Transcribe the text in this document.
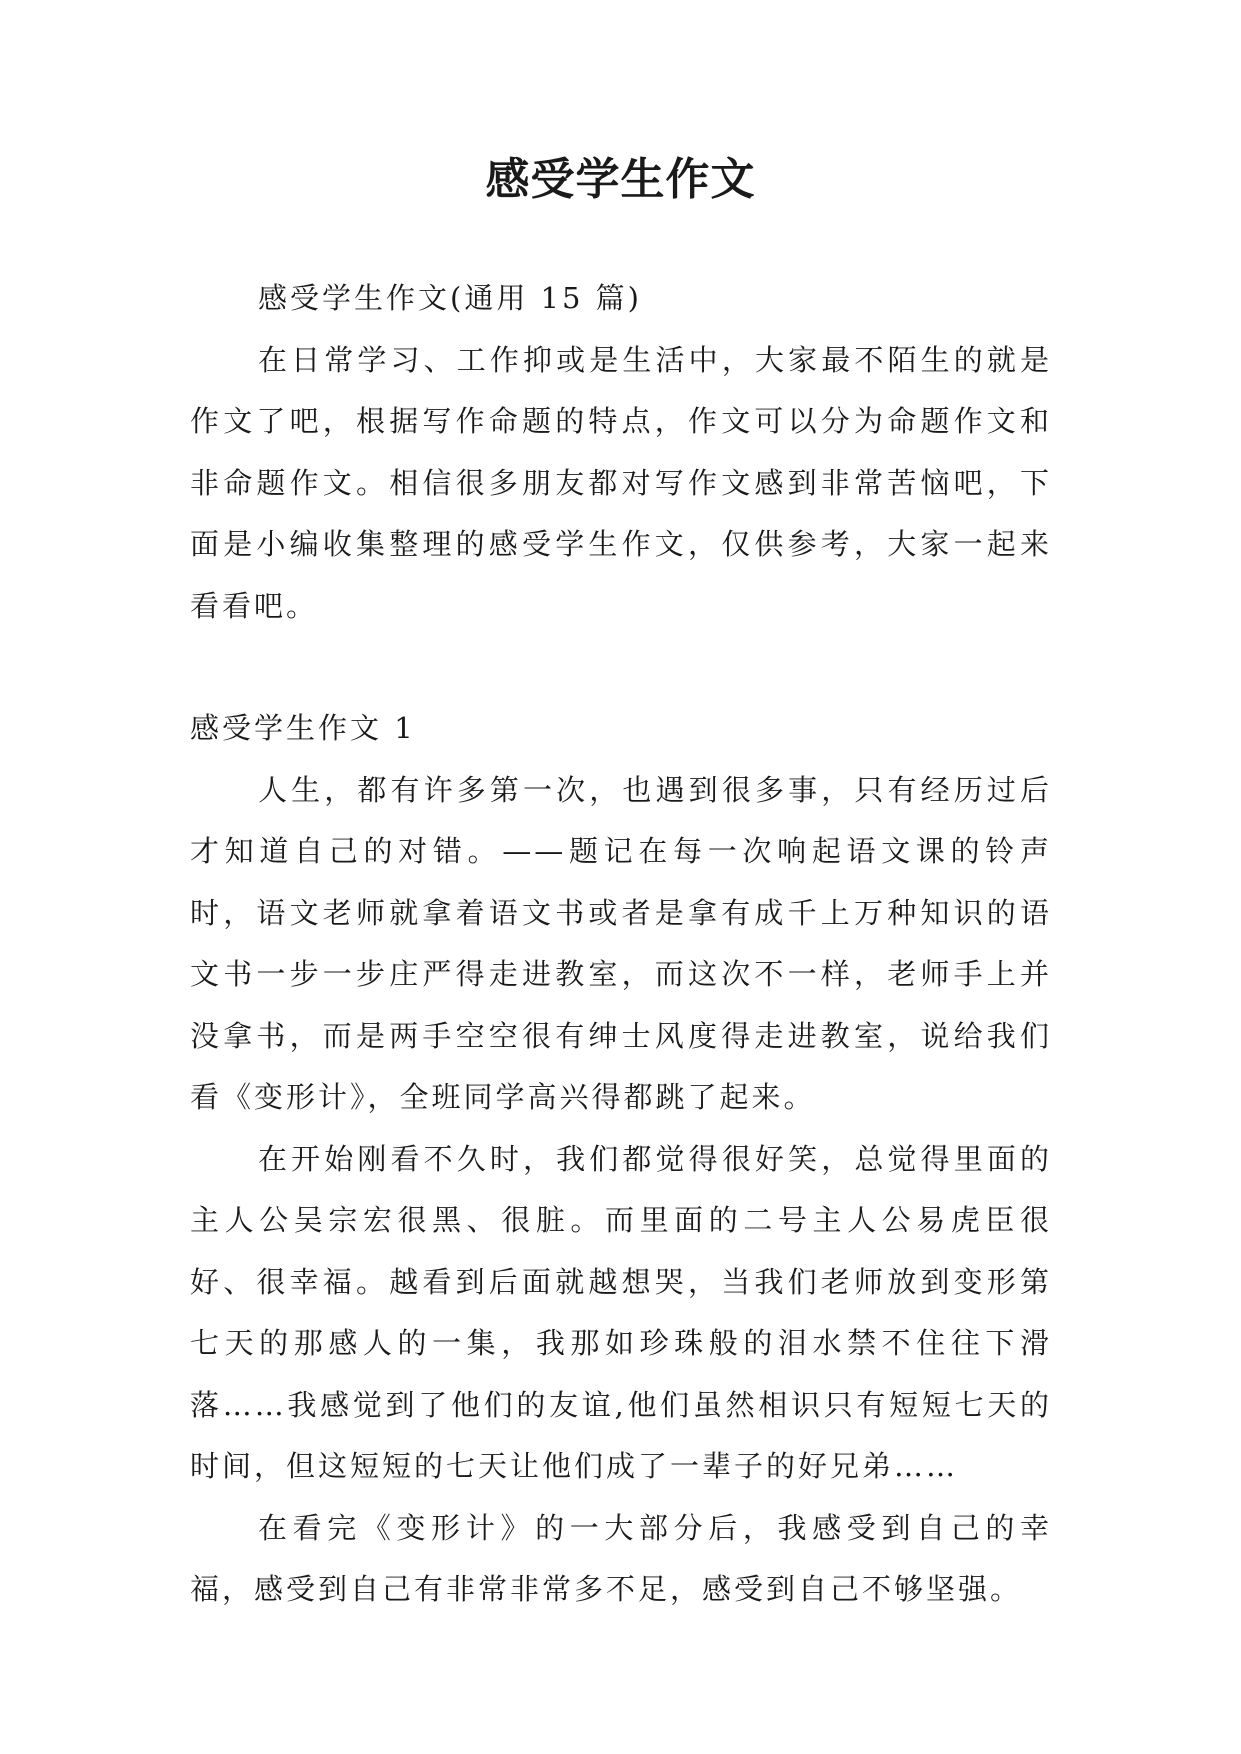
感受学生作文

感受学生作文(通用 15 篇)

在日常学习、工作抑或是生活中，大家最不陌生的就是作文了吧，根据写作命题的特点，作文可以分为命题作文和非命题作文。相信很多朋友都对写作文感到非常苦恼吧，下面是小编收集整理的感受学生作文，仅供参考，大家一起来看看吧。

感受学生作文 1

人生，都有许多第一次，也遇到很多事，只有经历过后才知道自己的对错。——题记在每一次响起语文课的铃声时，语文老师就拿着语文书或者是拿有成千上万种知识的语文书一步一步庄严得走进教室，而这次不一样，老师手上并没拿书，而是两手空空很有绅士风度得走进教室，说给我们看《变形计》，全班同学高兴得都跳了起来。

在开始刚看不久时，我们都觉得很好笑，总觉得里面的主人公吴宗宏很黑、很脏。而里面的二号主人公易虎臣很好、很幸福。越看到后面就越想哭，当我们老师放到变形第七天的那感人的一集，我那如珍珠般的泪水禁不住往下滑落……我感觉到了他们的友谊,他们虽然相识只有短短七天的时间，但这短短的七天让他们成了一辈子的好兄弟……

在看完《变形计》的一大部分后，我感受到自己的幸福，感受到自己有非常非常多不足，感受到自己不够坚强。
